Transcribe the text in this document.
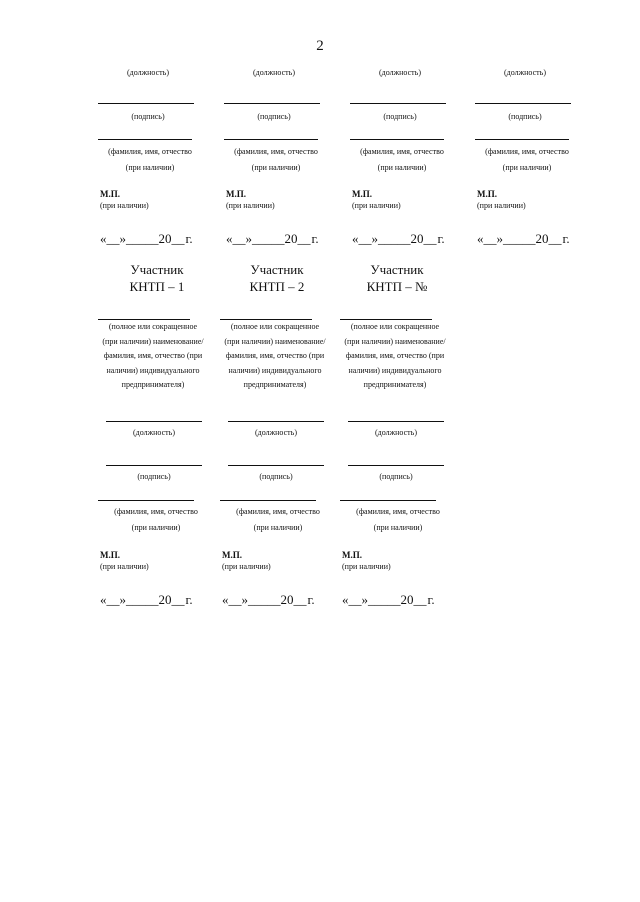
2
(должность)
(подпись)
(фамилия, имя, отчество
(при наличии)
М.П.
(при наличии)
«__»_____20__г.
(должность)
(подпись)
(фамилия, имя, отчество
(при наличии)
М.П.
(при наличии)
«__»_____20__г.
(должность)
(подпись)
(фамилия, имя, отчество
(при наличии)
М.П.
(при наличии)
«__»_____20__г.
(должность)
(подпись)
(фамилия, имя, отчество
(при наличии)
М.П.
(при наличии)
«__»_____20__г.
Участник
КНТП – 1
(полное или сокращенное
(при наличии) наименование/
фамилия, имя, отчество (при
наличии) индивидуального
предпринимателя)
(должность)
(подпись)
(фамилия, имя, отчество
(при наличии)
М.П.
(при наличии)
«__»_____20__г.
Участник
КНТП – 2
(полное или сокращенное
(при наличии) наименование/
фамилия, имя, отчество (при
наличии) индивидуального
предпринимателя)
(должность)
(подпись)
(фамилия, имя, отчество
(при наличии)
М.П.
(при наличии)
«__»_____20__г.
Участник
КНТП – №
(полное или сокращенное
(при наличии) наименование/
фамилия, имя, отчество (при
наличии) индивидуального
предпринимателя)
(должность)
(подпись)
(фамилия, имя, отчество
(при наличии)
М.П.
(при наличии)
«__»_____20__г.
